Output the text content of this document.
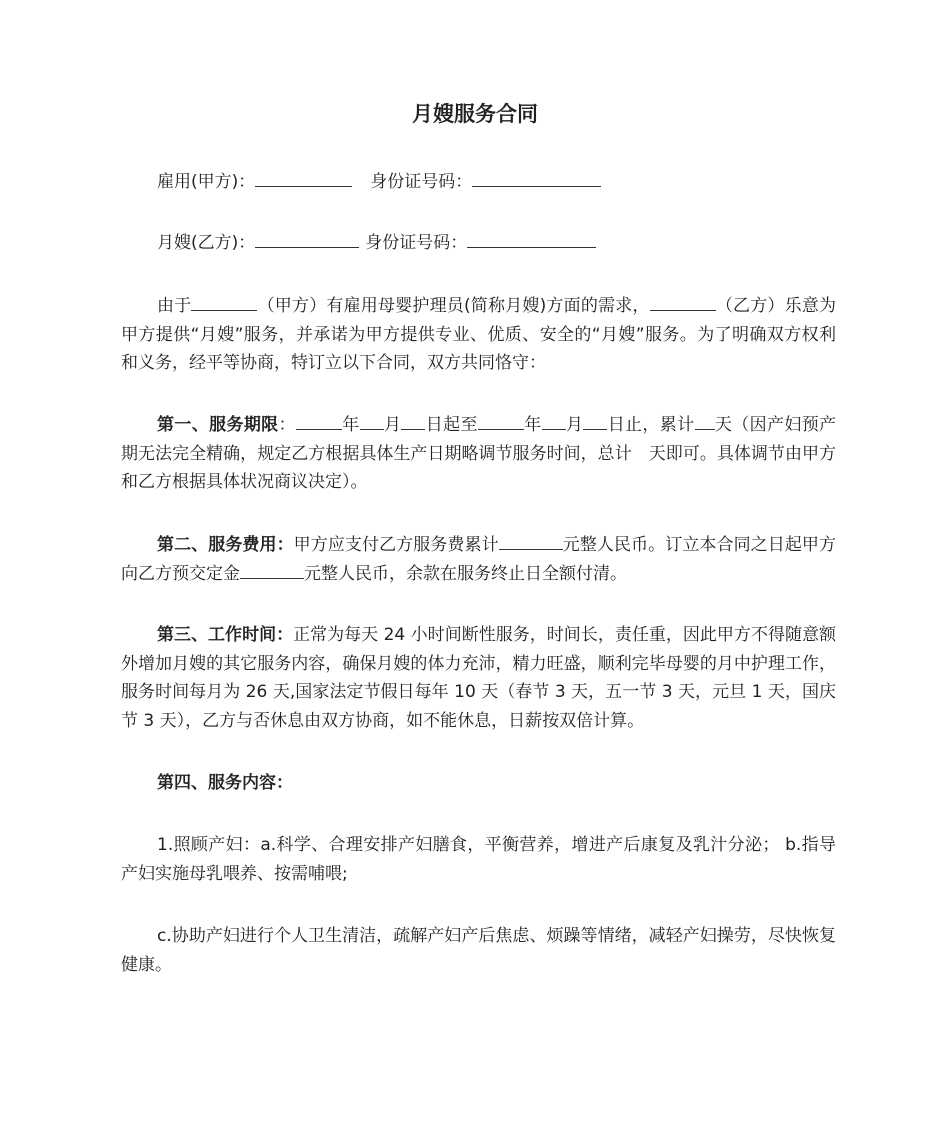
月嫂服务合同
雇用(甲方)：	身份证号码：
月嫂(乙方)：	身份证号码：
由于	（甲方）有雇用母婴护理员(简称月嫂)方面的需求，	（乙方）乐意为甲方提供“月嫂”服务，并承诺为甲方提供专业、优质、安全的“月嫂”服务。为了明确双方权利和义务，经平等协商，特订立以下合同，双方共同恪守：
第一、服务期限：	年 月 日起至	年 月 日止，累计 天（因产妇预产期无法完全精确，规定乙方根据具体生产日期略调节服务时间，总计　天即可。具体调节由甲方和乙方根据具体状况商议决定）。
第二、服务费用：甲方应支付乙方服务费累计	元整人民币。订立本合同之日起甲方向乙方预交定金	元整人民币，余款在服务终止日全额付清。
第三、工作时间：正常为每天 24 小时间断性服务，时间长，责任重，因此甲方不得随意额外增加月嫂的其它服务内容，确保月嫂的体力充沛，精力旺盛，顺利完毕母婴的月中护理工作，服务时间每月为 26 天,国家法定节假日每年 10 天（春节 3 天，五一节 3 天，元旦 1 天，国庆节 3 天），乙方与否休息由双方协商，如不能休息，日薪按双倍计算。
第四、服务内容：
1.照顾产妇：a.科学、合理安排产妇膳食，平衡营养，增进产后康复及乳汁分泌； b.指导产妇实施母乳喂养、按需哺喂;
c.协助产妇进行个人卫生清洁，疏解产妇产后焦虑、烦躁等情绪，减轻产妇操劳，尽快恢复健康。
